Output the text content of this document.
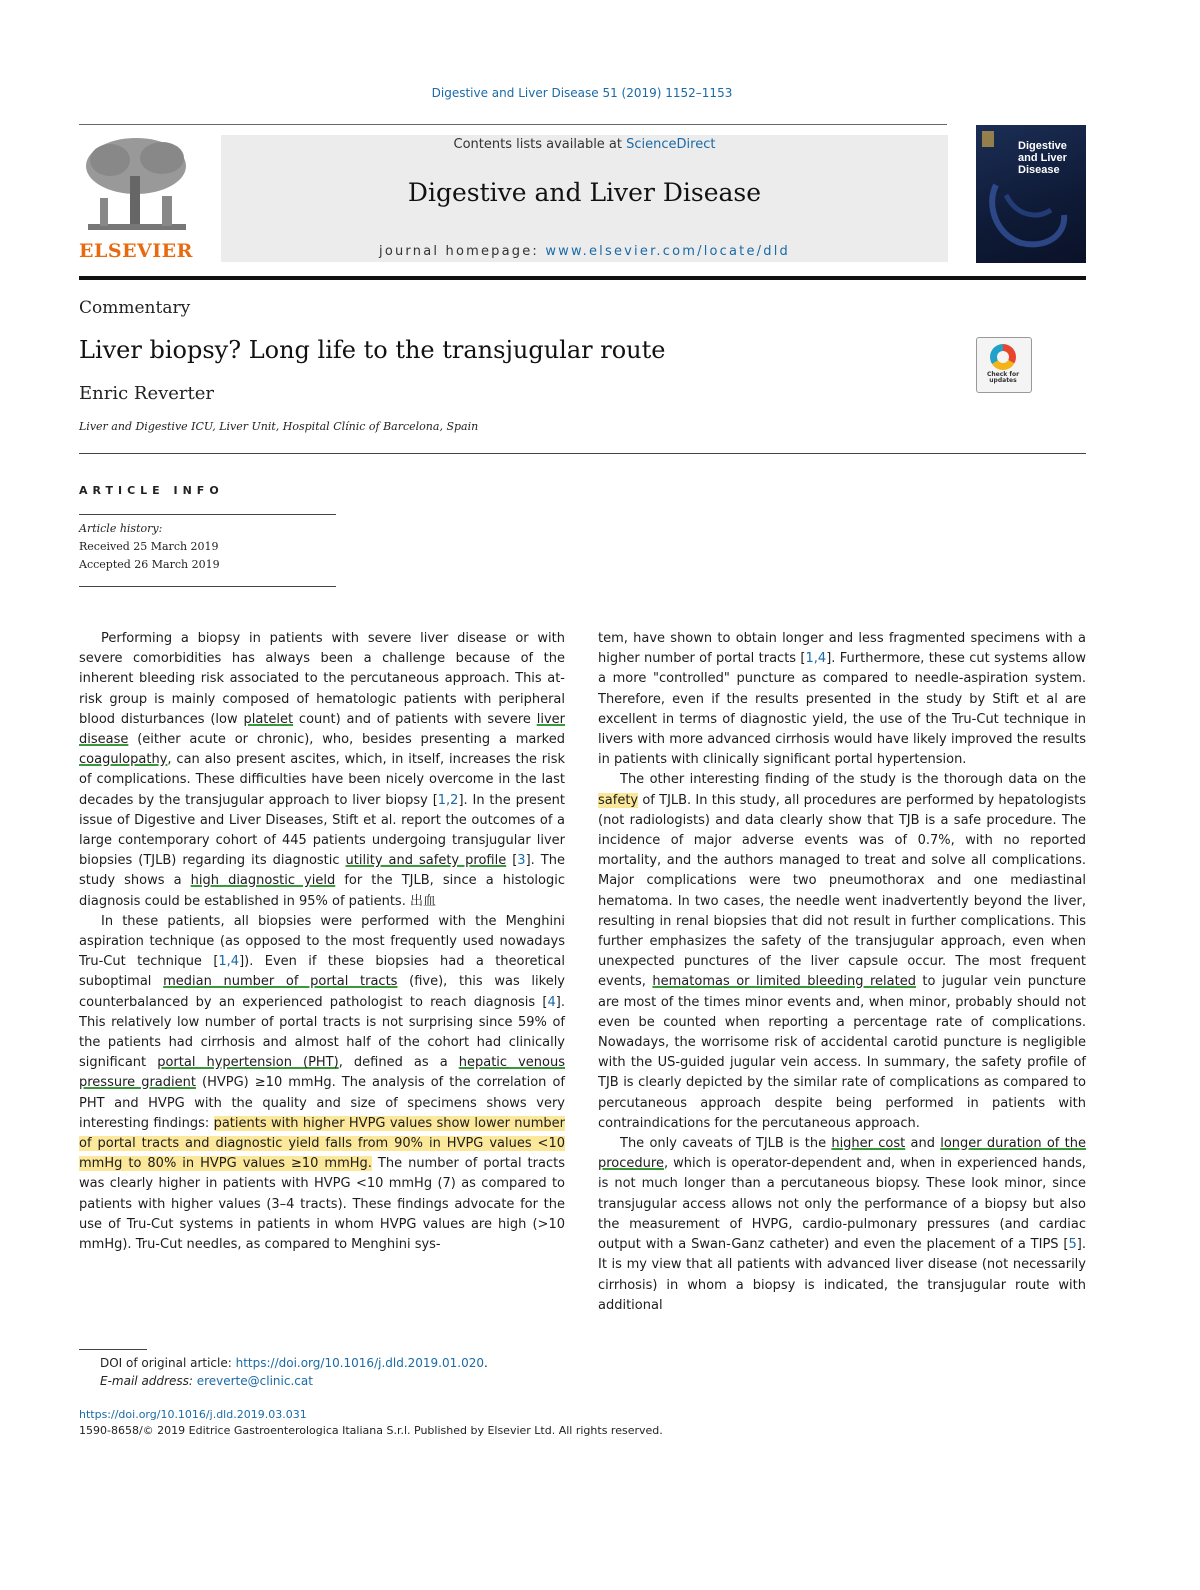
Digestive and Liver Disease 51 (2019) 1152–1153
ELSEVIER
Contents lists available at ScienceDirect
Digestive and Liver Disease
journal homepage: www.elsevier.com/locate/dld
Digestive and Liver Disease
Commentary
Liver biopsy? Long life to the transjugular route
Enric Reverter
Liver and Digestive ICU, Liver Unit, Hospital Clínic of Barcelona, Spain
Check for updates
ARTICLE INFO
Article history:
Received 25 March 2019
Accepted 26 March 2019

Performing a biopsy in patients with severe liver disease or with severe comorbidities has always been a challenge because of the inherent bleeding risk associated to the percutaneous approach. This at-risk group is mainly composed of hematologic patients with peripheral blood disturbances (low platelet count) and of patients with severe liver disease (either acute or chronic), who, besides presenting a marked coagulopathy, can also present ascites, which, in itself, increases the risk of complications. These difficulties have been nicely overcome in the last decades by the transjugular approach to liver biopsy [1,2]. In the present issue of Digestive and Liver Diseases, Stift et al. report the outcomes of a large contemporary cohort of 445 patients undergoing transjugular liver biopsies (TJLB) regarding its diagnostic utility and safety profile [3]. The study shows a high diagnostic yield for the TJLB, since a histologic diagnosis could be established in 95% of patients. 出血

In these patients, all biopsies were performed with the Menghini aspiration technique (as opposed to the most frequently used nowadays Tru-Cut technique [1,4]). Even if these biopsies had a theoretical suboptimal median number of portal tracts (five), this was likely counterbalanced by an experienced pathologist to reach diagnosis [4]. This relatively low number of portal tracts is not surprising since 59% of the patients had cirrhosis and almost half of the cohort had clinically significant portal hypertension (PHT), defined as a hepatic venous pressure gradient (HVPG) ≥10 mmHg. The analysis of the correlation of PHT and HVPG with the quality and size of specimens shows very interesting findings: patients with higher HVPG values show lower number of portal tracts and diagnostic yield falls from 90% in HVPG values <10 mmHg to 80% in HVPG values ≥10 mmHg. The number of portal tracts was clearly higher in patients with HVPG <10 mmHg (7) as compared to patients with higher values (3–4 tracts). These findings advocate for the use of Tru-Cut systems in patients in whom HVPG values are high (>10 mmHg). Tru-Cut needles, as compared to Menghini sys-

tem, have shown to obtain longer and less fragmented specimens with a higher number of portal tracts [1,4]. Furthermore, these cut systems allow a more "controlled" puncture as compared to needle-aspiration system. Therefore, even if the results presented in the study by Stift et al are excellent in terms of diagnostic yield, the use of the Tru-Cut technique in livers with more advanced cirrhosis would have likely improved the results in patients with clinically significant portal hypertension.

The other interesting finding of the study is the thorough data on the safety of TJLB. In this study, all procedures are performed by hepatologists (not radiologists) and data clearly show that TJB is a safe procedure. The incidence of major adverse events was of 0.7%, with no reported mortality, and the authors managed to treat and solve all complications. Major complications were two pneumothorax and one mediastinal hematoma. In two cases, the needle went inadvertently beyond the liver, resulting in renal biopsies that did not result in further complications. This further emphasizes the safety of the transjugular approach, even when unexpected punctures of the liver capsule occur. The most frequent events, hematomas or limited bleeding related to jugular vein puncture are most of the times minor events and, when minor, probably should not even be counted when reporting a percentage rate of complications. Nowadays, the worrisome risk of accidental carotid puncture is negligible with the US-guided jugular vein access. In summary, the safety profile of TJB is clearly depicted by the similar rate of complications as compared to percutaneous approach despite being performed in patients with contraindications for the percutaneous approach.

The only caveats of TJLB is the higher cost and longer duration of the procedure, which is operator-dependent and, when in experienced hands, is not much longer than a percutaneous biopsy. These look minor, since transjugular access allows not only the performance of a biopsy but also the measurement of HVPG, cardio-pulmonary pressures (and cardiac output with a Swan-Ganz catheter) and even the placement of a TIPS [5]. It is my view that all patients with advanced liver disease (not necessarily cirrhosis) in whom a biopsy is indicated, the transjugular route with additional

DOI of original article: https://doi.org/10.1016/j.dld.2019.01.020.
E-mail address: ereverte@clinic.cat
https://doi.org/10.1016/j.dld.2019.03.031
1590-8658/© 2019 Editrice Gastroenterologica Italiana S.r.l. Published by Elsevier Ltd. All rights reserved.
